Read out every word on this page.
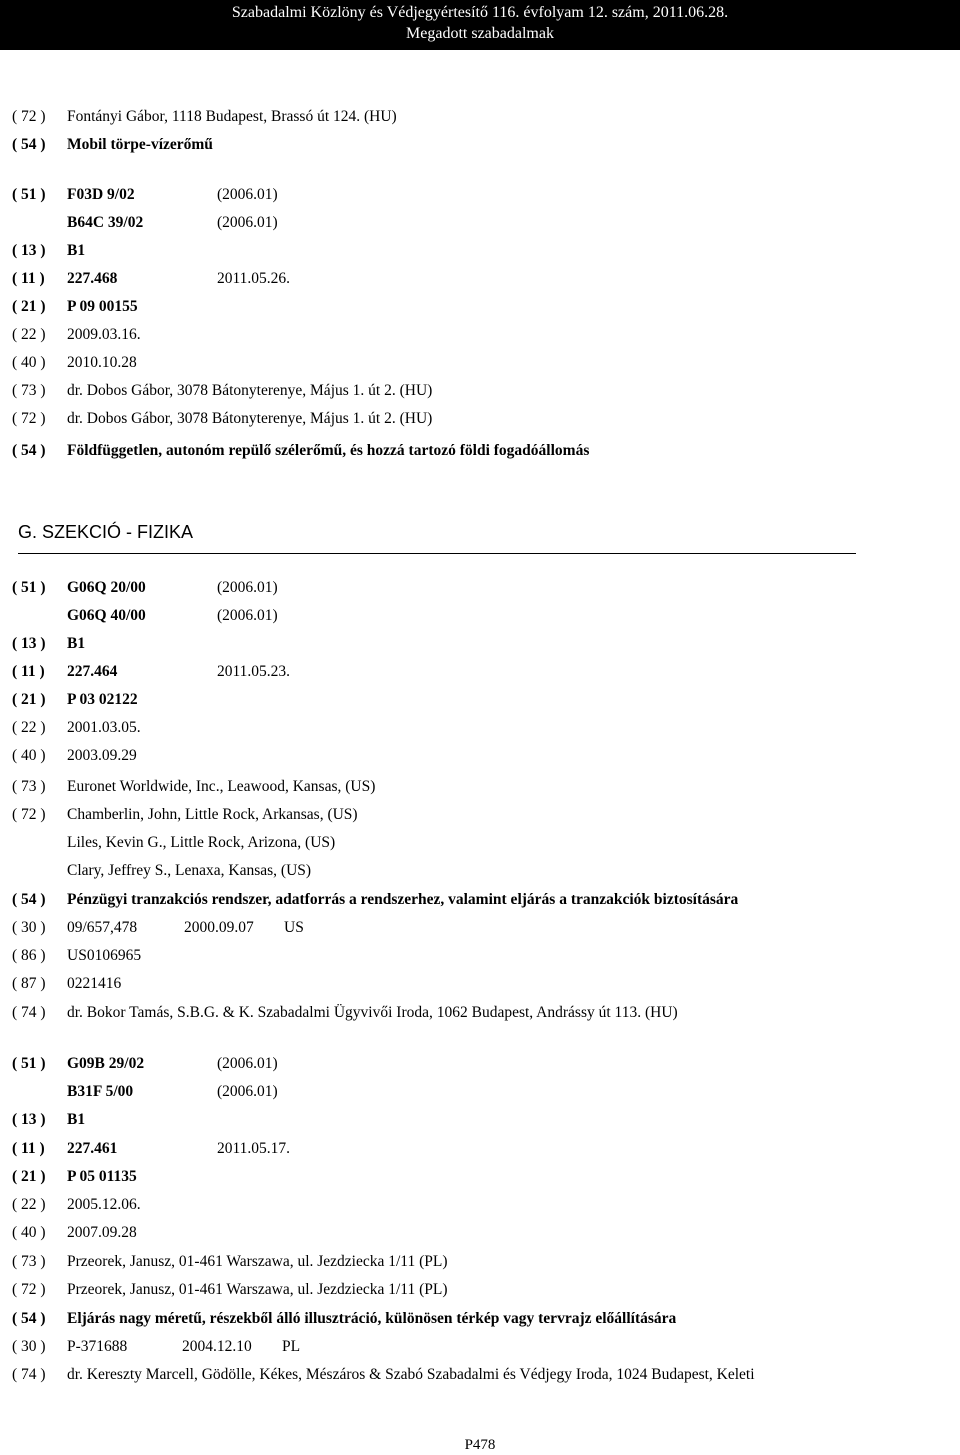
Szabadalmi Közlöny és Védjegyértesítő 116. évfolyam 12. szám, 2011.06.28.
Megadott szabadalmak
( 72 ) Fontányi Gábor, 1118 Budapest, Brassó út 124. (HU)
( 54 ) Mobil törpe-vízerőmű
( 51 ) F03D 9/02	(2006.01)
B64C 39/02	(2006.01)
( 13 ) B1
( 11 ) 227.468	2011.05.26.
( 21 ) P 09 00155
( 22 ) 2009.03.16.
( 40 ) 2010.10.28
( 73 ) dr. Dobos Gábor, 3078 Bátonyterenye, Május 1. út 2. (HU)
( 72 ) dr. Dobos Gábor, 3078 Bátonyterenye, Május 1. út 2. (HU)
( 54 ) Földfüggetlen, autonóm repülő szélerőmű, és hozzá tartozó földi fogadóállomás
G. SZEKCIÓ - FIZIKA
( 51 ) G06Q 20/00	(2006.01)
G06Q 40/00	(2006.01)
( 13 ) B1
( 11 ) 227.464	2011.05.23.
( 21 ) P 03 02122
( 22 ) 2001.03.05.
( 40 ) 2003.09.29
( 73 ) Euronet Worldwide, Inc., Leawood, Kansas, (US)
( 72 ) Chamberlin, John, Little Rock, Arkansas, (US)
Liles, Kevin G., Little Rock, Arizona, (US)
Clary, Jeffrey S., Lenaxa, Kansas, (US)
( 54 ) Pénzügyi tranzakciós rendszer, adatforrás a rendszerhez, valamint eljárás a tranzakciók biztosítására
( 30 ) 09/657,478	2000.09.07 US
( 86 ) US0106965
( 87 ) 0221416
( 74 ) dr. Bokor Tamás, S.B.G. & K. Szabadalmi Ügyvivői Iroda, 1062 Budapest, Andrássy út 113. (HU)
( 51 ) G09B 29/02	(2006.01)
B31F 5/00	(2006.01)
( 13 ) B1
( 11 ) 227.461	2011.05.17.
( 21 ) P 05 01135
( 22 ) 2005.12.06.
( 40 ) 2007.09.28
( 73 ) Przeorek, Janusz, 01-461 Warszawa, ul. Jezdziecka 1/11 (PL)
( 72 ) Przeorek, Janusz, 01-461 Warszawa, ul. Jezdziecka 1/11 (PL)
( 54 ) Eljárás nagy méretű, részekből álló illusztráció, különösen térkép vagy tervrajz előállítására
( 30 ) P-371688	2004.12.10 PL
( 74 ) dr. Kereszty Marcell, Gödölle, Kékes, Mészáros & Szabó Szabadalmi és Védjegy Iroda, 1024 Budapest, Keleti
P478
